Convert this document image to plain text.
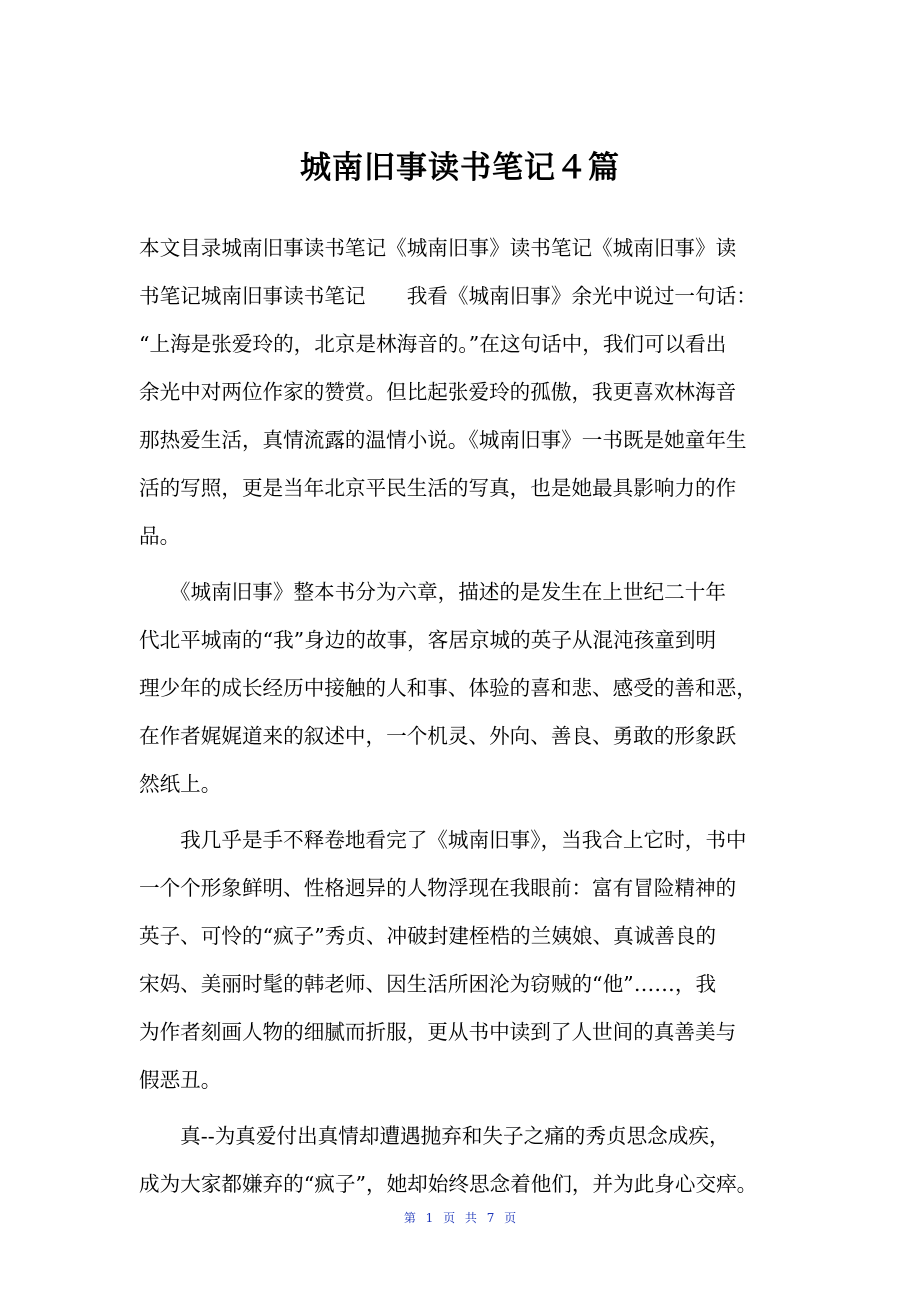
城南旧事读书笔记４篇
本文目录城南旧事读书笔记《城南旧事》读书笔记《城南旧事》读
书笔记城南旧事读书笔记　　我看《城南旧事》余光中说过一句话：
“上海是张爱玲的，北京是林海音的。”在这句话中，我们可以看出
余光中对两位作家的赞赏。但比起张爱玲的孤傲，我更喜欢林海音
那热爱生活，真情流露的温情小说。《城南旧事》一书既是她童年生
活的写照，更是当年北京平民生活的写真，也是她最具影响力的作
品。
　　《城南旧事》整本书分为六章，描述的是发生在上世纪二十年
代北平城南的“我”身边的故事，客居京城的英子从混沌孩童到明
理少年的成长经历中接触的人和事、体验的喜和悲、感受的善和恶，
在作者娓娓道来的叙述中，一个机灵、外向、善良、勇敢的形象跃
然纸上。
　　我几乎是手不释卷地看完了《城南旧事》，当我合上它时，书中
一个个形象鲜明、性格迥异的人物浮现在我眼前：富有冒险精神的
英子、可怜的“疯子”秀贞、冲破封建桎梏的兰姨娘、真诚善良的
宋妈、美丽时髦的韩老师、因生活所困沦为窃贼的“他”……，我
为作者刻画人物的细腻而折服，更从书中读到了人世间的真善美与
假恶丑。
　　真--为真爱付出真情却遭遇抛弃和失子之痛的秀贞思念成疾，
成为大家都嫌弃的“疯子”，她却始终思念着他们，并为此身心交瘁。
第 1 页 共 7 页
